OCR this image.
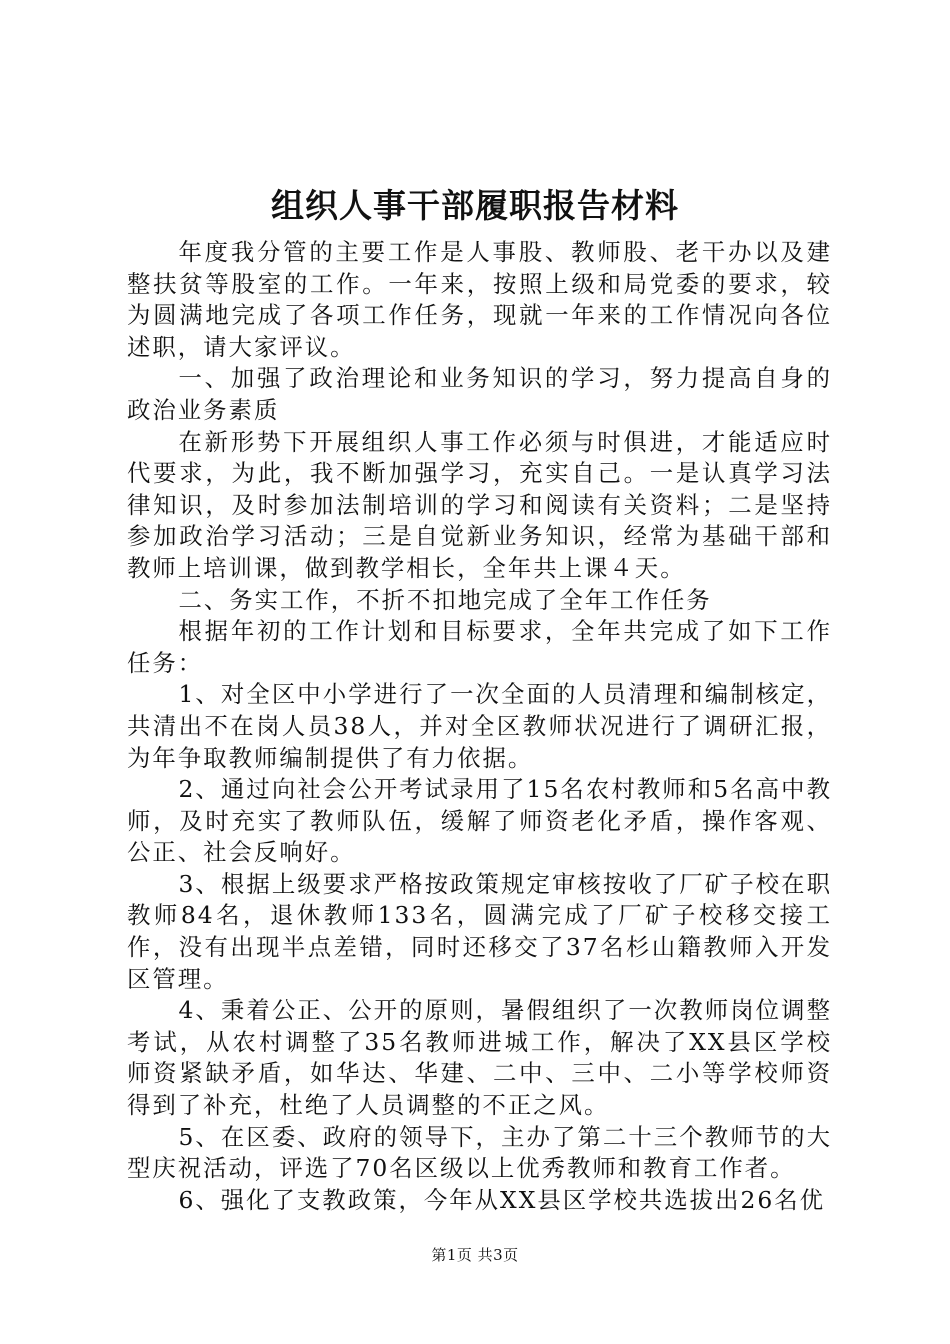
组织人事干部履职报告材料

年度我分管的主要工作是人事股、教师股、老干办以及建整扶贫等股室的工作。一年来，按照上级和局党委的要求，较为圆满地完成了各项工作任务，现就一年来的工作情况向各位述职，请大家评议。

一、加强了政治理论和业务知识的学习，努力提高自身的政治业务素质

在新形势下开展组织人事工作必须与时俱进，才能适应时代要求，为此，我不断加强学习，充实自己。一是认真学习法律知识，及时参加法制培训的学习和阅读有关资料；二是坚持参加政治学习活动；三是自觉新业务知识，经常为基础干部和教师上培训课，做到教学相长，全年共上课４天。

二、务实工作，不折不扣地完成了全年工作任务

根据年初的工作计划和目标要求，全年共完成了如下工作任务：

1、对全区中小学进行了一次全面的人员清理和编制核定，共清出不在岗人员38人，并对全区教师状况进行了调研汇报，为年争取教师编制提供了有力依据。

2、通过向社会公开考试录用了15名农村教师和5名高中教师，及时充实了教师队伍，缓解了师资老化矛盾，操作客观、公正、社会反响好。

3、根据上级要求严格按政策规定审核按收了厂矿子校在职教师84名，退休教师133名，圆满完成了厂矿子校移交接工作，没有出现半点差错，同时还移交了37名杉山籍教师入开发区管理。

4、秉着公正、公开的原则，暑假组织了一次教师岗位调整考试，从农村调整了35名教师进城工作，解决了XX县区学校师资紧缺矛盾，如华达、华建、二中、三中、二小等学校师资得到了补充，杜绝了人员调整的不正之风。

5、在区委、政府的领导下，主办了第二十三个教师节的大型庆祝活动，评选了70名区级以上优秀教师和教育工作者。

6、强化了支教政策，今年从XX县区学校共选拔出26名优

第1页 共3页
